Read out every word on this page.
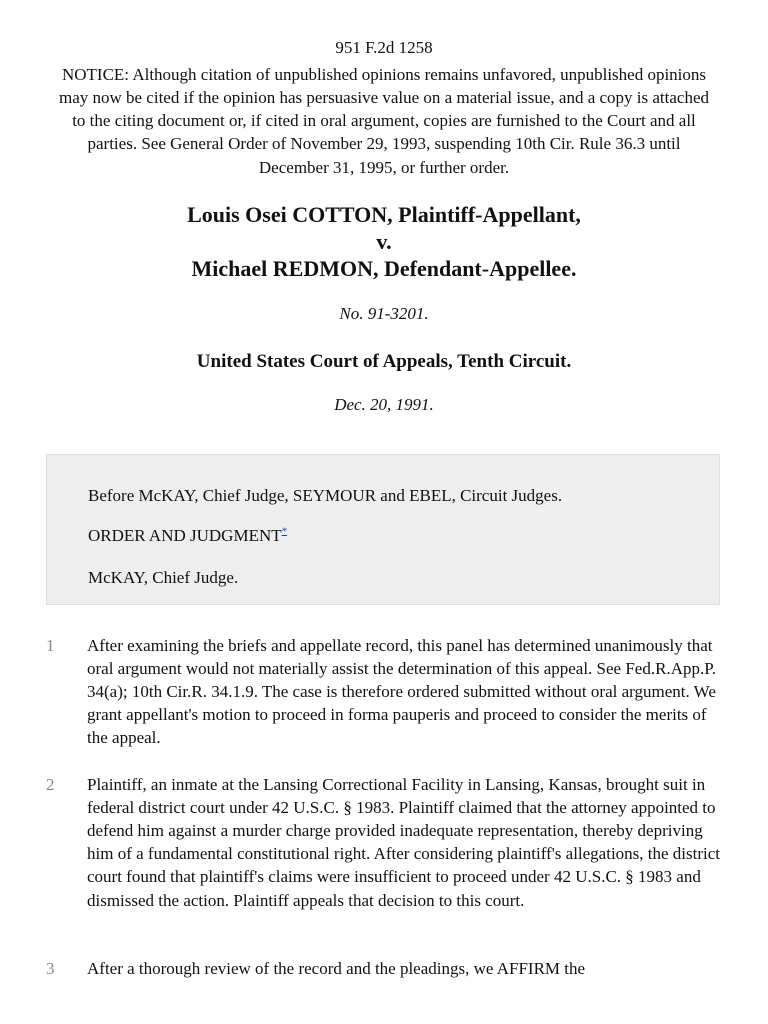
951 F.2d 1258
NOTICE: Although citation of unpublished opinions remains unfavored, unpublished opinions may now be cited if the opinion has persuasive value on a material issue, and a copy is attached to the citing document or, if cited in oral argument, copies are furnished to the Court and all parties. See General Order of November 29, 1993, suspending 10th Cir. Rule 36.3 until December 31, 1995, or further order.
Louis Osei COTTON, Plaintiff-Appellant,
v.
Michael REDMON, Defendant-Appellee.
No. 91-3201.
United States Court of Appeals, Tenth Circuit.
Dec. 20, 1991.

Before McKAY, Chief Judge, SEYMOUR and EBEL, Circuit Judges.

ORDER AND JUDGMENT*

McKAY, Chief Judge.

1 After examining the briefs and appellate record, this panel has determined unanimously that oral argument would not materially assist the determination of this appeal. See Fed.R.App.P. 34(a); 10th Cir.R. 34.1.9. The case is therefore ordered submitted without oral argument. We grant appellant's motion to proceed in forma pauperis and proceed to consider the merits of the appeal.

2 Plaintiff, an inmate at the Lansing Correctional Facility in Lansing, Kansas, brought suit in federal district court under 42 U.S.C. § 1983. Plaintiff claimed that the attorney appointed to defend him against a murder charge provided inadequate representation, thereby depriving him of a fundamental constitutional right. After considering plaintiff's allegations, the district court found that plaintiff's claims were insufficient to proceed under 42 U.S.C. § 1983 and dismissed the action. Plaintiff appeals that decision to this court.

3 After a thorough review of the record and the pleadings, we AFFIRM the
